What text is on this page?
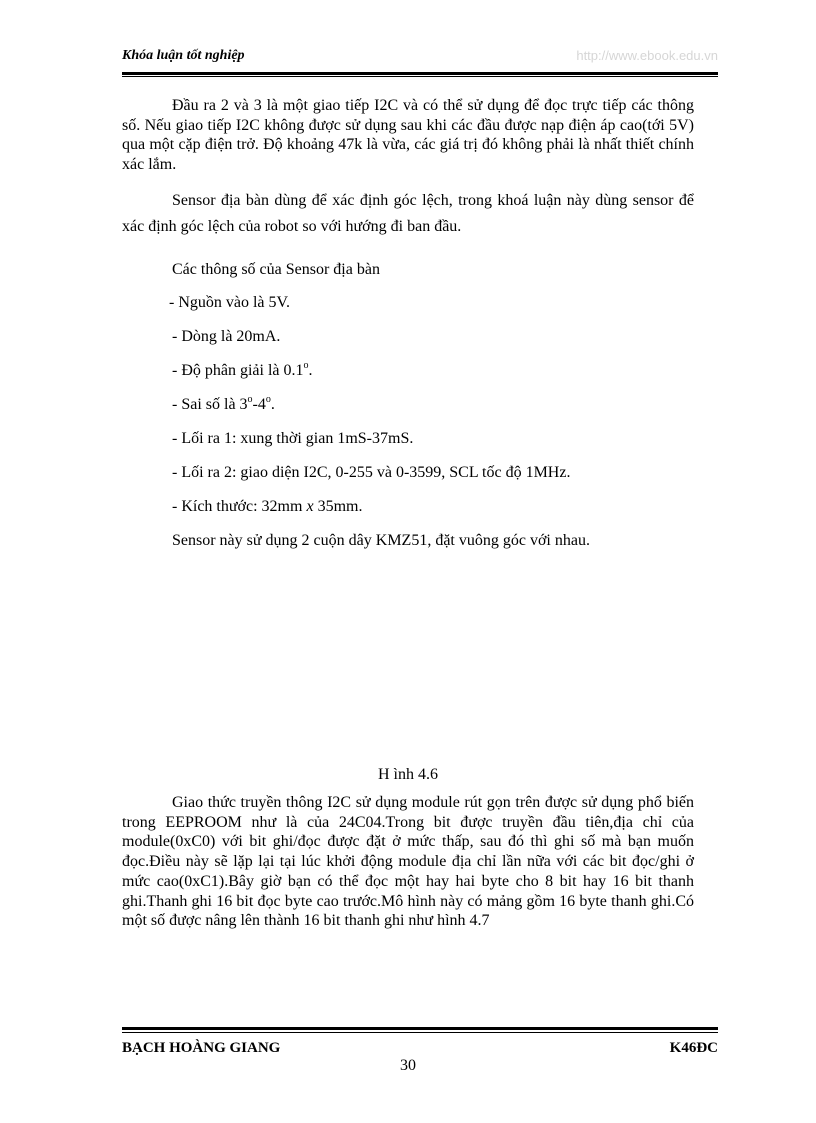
Khóa luận tốt nghiệp	http://www.ebook.edu.vn

Đầu ra 2 và 3 là một giao tiếp I2C và có thể sử dụng để đọc trực tiếp các thông số. Nếu giao tiếp I2C không được sử dụng sau khi các đầu được nạp điện áp cao(tới 5V) qua một cặp điện trở. Độ khoảng 47k là vừa, các giá trị đó không phải là nhất thiết chính xác lắm.

Sensor địa bàn dùng để xác định góc lệch, trong khoá luận này dùng sensor để xác định góc lệch của robot so với hướng đi ban đầu.

Các thông số của Sensor địa bàn

- Nguồn vào là 5V.
- Dòng là 20mA.
- Độ phân giải là 0.1$^o$.
- Sai số là 3$^o$-4$^o$.
- Lối ra 1: xung thời gian 1mS-37mS.
- Lối ra 2: giao diện I2C, 0-255 và 0-3599, SCL tốc độ 1MHz.
- Kích thước: 32mm x 35mm.

Sensor này sử dụng 2 cuộn dây KMZ51, đặt vuông góc với nhau.

H ình 4.6

Giao thức truyền thông I2C sử dụng module rút gọn trên được sử dụng phổ biến trong EEPROOM như là của 24C04.Trong bit được truyền đầu tiên,địa chỉ của module(0xC0) với bit ghi/đọc được đặt ở mức thấp, sau đó thì ghi số mà bạn muốn đọc.Điều này sẽ lặp lại tại lúc khởi động module địa chỉ lần nữa với các bit đọc/ghi ở mức cao(0xC1).Bây giờ bạn có thể đọc một hay hai byte cho 8 bit hay 16 bit thanh ghi.Thanh ghi 16 bit đọc byte cao trước.Mô hình này có mảng gồm 16 byte thanh ghi.Có một số được nâng lên thành 16 bit thanh ghi như hình 4.7

BẠCH HOÀNG GIANG	K46ĐC
30
